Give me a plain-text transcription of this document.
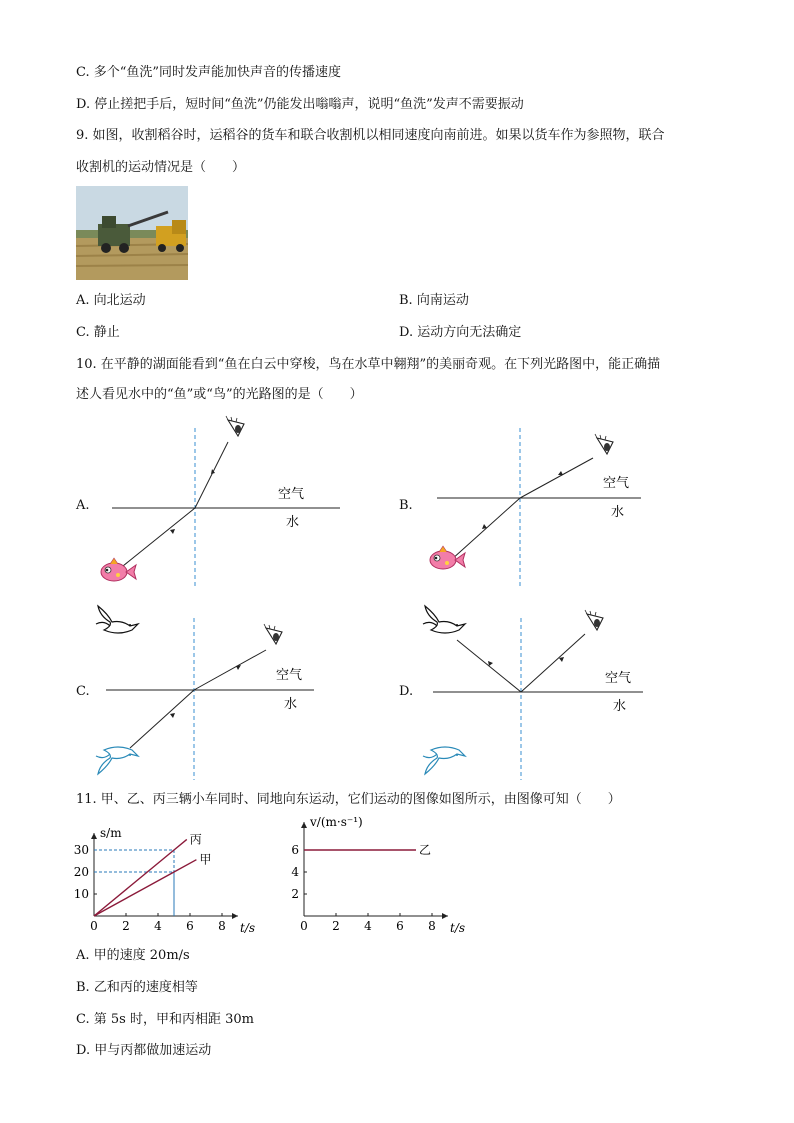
C. 多个“鱼洗”同时发声能加快声音的传播速度
D. 停止搓把手后，短时间“鱼洗”仍能发出嗡嗡声，说明“鱼洗”发声不需要振动
9. 如图，收割稻谷时，运稻谷的货车和联合收割机以相同速度向南前进。如果以货车作为参照物，联合
收割机的运动情况是（　　）
A. 向北运动	B. 向南运动
C. 静止	D. 运动方向无法确定
10. 在平静的湖面能看到“鱼在白云中穿梭，鸟在水草中翱翔”的美丽奇观。在下列光路图中，能正确描
述人看见水中的“鱼”或“鸟”的光路图的是（　　）
A.
空气
水
B.
空气
水
C.
空气
水
D.
空气
水
11. 甲、乙、丙三辆小车同时、同地向东运动，它们运动的图像如图所示，由图像可知（　　）
0 2 4 6 8
10
20
30
t/s
s/m	丙
甲
0 2 4 6 8
2
4
6
t/s
v/(m·s⁻¹)
乙
A. 甲的速度 20m/s
B. 乙和丙的速度相等
C. 第 5s 时，甲和丙相距 30m
D. 甲与丙都做加速运动
